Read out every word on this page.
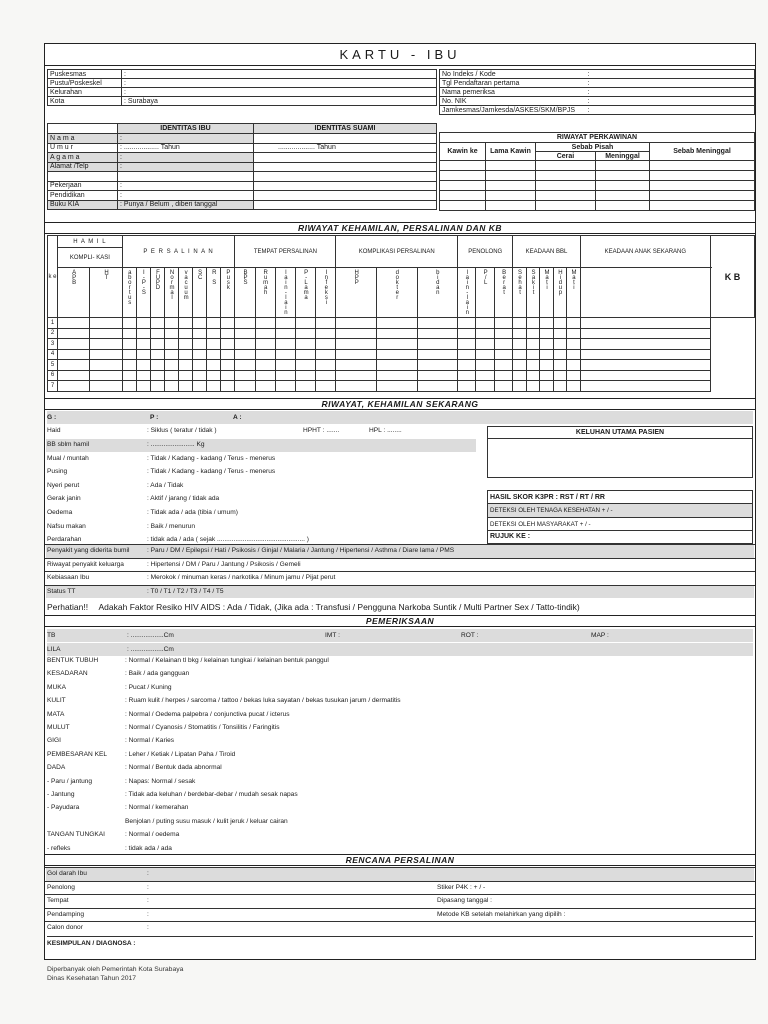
KARTU - IBU
Puskesmas	:
Pustu/Poskeskel	:
Kelurahan	:
Kota	: Surabaya
No Indeks / Kode	:
Tgl Pendaftaran pertama	:
Nama pemeriksa	:
No. NIK	:
Jamkesmas/Jamkesda/ASKES/SKM/BPJS	:
	IDENTITAS IBU	IDENTITAS SUAMI
N a m a	:	
U m u r	: .................. Tahun	................... Tahun
A g a m a	:	
Alamat /Telp	:	

Pekerjaan	:	
Pendidikan	:	
Buku KIA	: Punya / Belum , diberi tanggal	
RIWAYAT PERKAWINAN				
Kawin ke	Lama Kawin	Sebab Pisah		Sebab Meninggal
		Cerai	Meninggal	

RIWAYAT KEHAMILAN, PERSALINAN DAN KB
k e	H A M I L		P E R S A L I N A N								TEMPAT PERSALINAN					KOMPLIKASI PERSALINAN			PENOLONG			KEADAAN BBL					KEADAAN ANAK SEKARANG	K B
	KOMPLI- KASI																											
	APB	HT	abortus	I-P-S	FUPD	Normal	vacuum	SC	R S	Pusk	BPS	Rumah	lain-lain	P-Lama	Infeksi	HPP	dokter	bidan	lain-lain	P/L	Berat	Sehat	Sakit	Mati	Hidup	Mati		
1																												
2																												
3																												
4																												
5																												
6																												
7																												
RIWAYAT, KEHAMILAN SEKARANG
G :	P :	A :
Haid	: Siklus ( teratur / tidak )	HPHT : .......	HPL : ........
BB sblm hamil	: ........................ Kg
Mual / muntah	: Tidak / Kadang - kadang / Terus - menerus
Pusing	: Tidak / Kadang - kadang / Terus - menerus
Nyeri perut	: Ada / Tidak
Gerak janin	: Aktif / jarang / tidak ada
Oedema	: Tidak ada / ada (tibia / umum)
Nafsu makan	: Baik / menurun
Perdarahan	: tidak ada / ada ( sejak ................................................ )
KELUHAN UTAMA PASIEN
HASIL SKOR K3PR : RST / RT / RR
DETEKSI OLEH TENAGA KESEHATAN + / -
DETEKSI OLEH MASYARAKAT + / -
RUJUK KE :
Penyakit yang diderita bumil	: Paru / DM / Epilepsi / Hati / Psikosis / Ginjal / Malaria / Jantung / Hipertensi / Asthma / Diare lama / PMS
Riwayat penyakit keluarga	: Hipertensi / DM / Paru / Jantung / Psikosis / Gemeli
Kebiasaan Ibu	: Merokok / minuman keras / narkotika / Minum jamu / Pijat perut
Status TT	: T0 / T1 / T2 / T3 / T4 / T5
Perhatian!! Adakah Faktor Resiko HIV AIDS : Ada / Tidak, (Jika ada : Transfusi / Pengguna Narkoba Suntik / Multi Partner Sex / Tatto-tindik)
PEMERIKSAAN
TB	: ..................Cm	IMT :	ROT :	MAP :
LILA	: ..................Cm
BENTUK TUBUH	: Normal / Kelainan tl bkg / kelainan tungkai / kelainan bentuk panggul
KESADARAN	: Baik / ada gangguan
MUKA	: Pucat / Kuning
KULIT	: Ruam kulit / herpes / sarcoma / tattoo / bekas luka sayatan / bekas tusukan jarum / dermatitis
MATA	: Normal / Oedema palpebra / conjunctiva pucat / icterus
MULUT	: Normal / Cyanosis / Stomatitis / Tonsilitis / Faringitis
GIGI	: Normal / Karies
PEMBESARAN KEL	: Leher / Ketiak / Lipatan Paha / Tiroid
DADA	: Normal / Bentuk dada abnormal
- Paru / jantung	: Napas: Normal / sesak
- Jantung	: Tidak ada keluhan / berdebar-debar / mudah sesak napas
- Payudara	: Normal / kemerahan
Benjolan / puting susu masuk / kulit jeruk / keluar cairan
TANGAN TUNGKAI	: Normal / oedema
- refleks	: tidak ada / ada
RENCANA PERSALINAN
Gol darah Ibu	:
Penolong	:	Stiker P4K : + / -
Tempat	:	Dipasang tanggal :
Pendamping	:	Metode KB setelah melahirkan yang dipilih :
Calon donor	:
KESIMPULAN / DIAGNOSA :
Diperbanyak oleh Pemerintah Kota Surabaya
Dinas Kesehatan Tahun 2017
